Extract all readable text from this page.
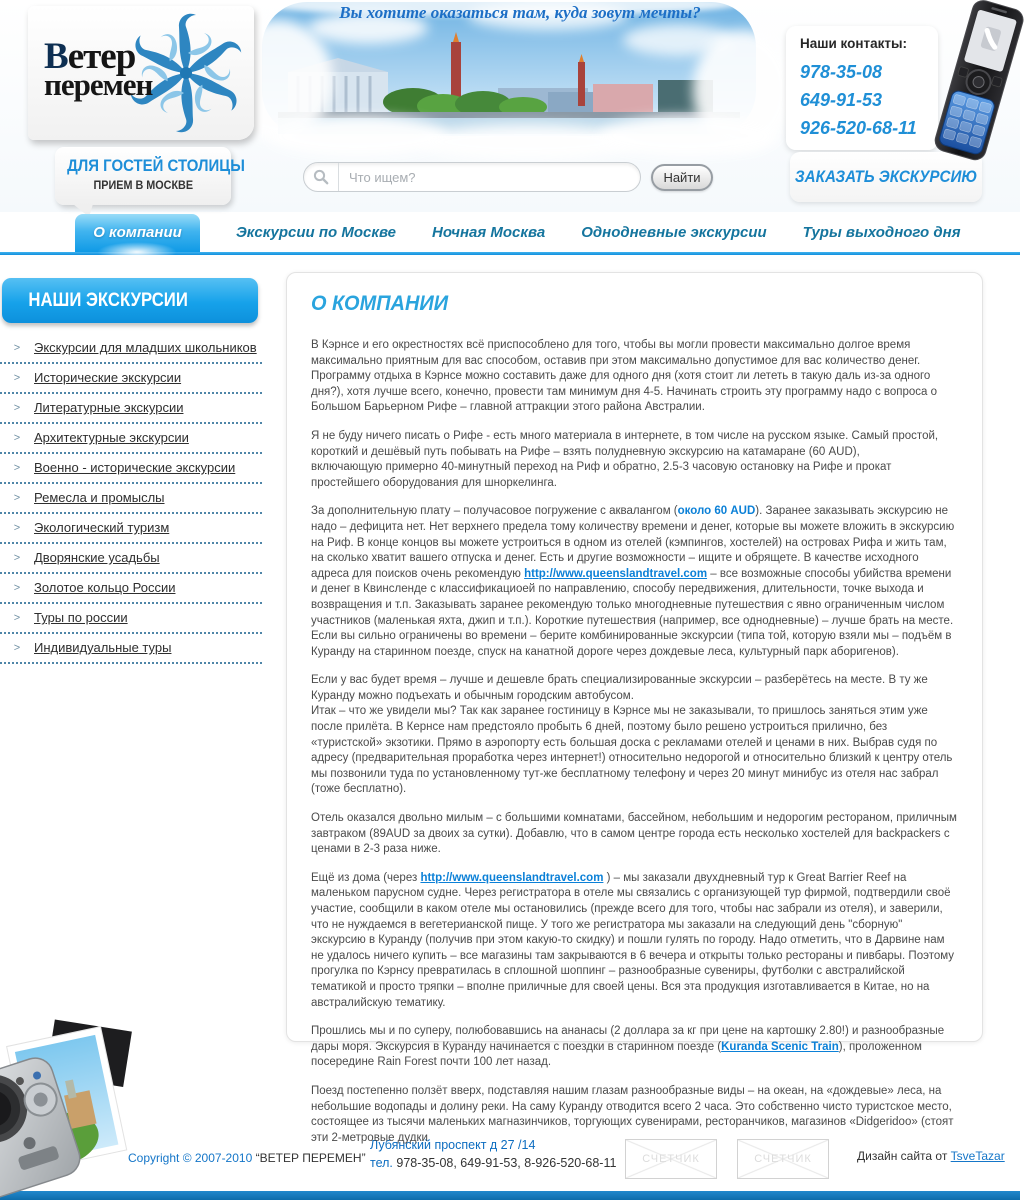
Вы хотите оказаться там, куда зовут мечты?
Ветер
перемен
Наши контакты:
978-35-08
649-91-53
926-520-68-11
ДЛЯ ГОСТЕЙ СТОЛИЦЫ
ПРИЕМ В МОСКВЕ
Что ищем?	Найти	ЗАКАЗАТЬ ЭКСКУРСИЮ
О компании	Экскурсии по Москве Ночная Москва Однодневные экскурсии Туры выходного дня
НАШИ ЭКСКУРСИИ
>	Экскурсии для младших школьников
>	Исторические экскурсии
>	Литературные экскурсии
>	Архитектурные экскурсии
>	Военно - исторические экскурсии
>	Ремесла и промыслы
>	Экологический туризм
>	Дворянские усадьбы
>	Золотое кольцо России
>	Туры по россии
>	Индивидуальные туры
О КОМПАНИИ

В Кэрнсе и его окрестностях всё приспособлено для того, чтобы вы могли провести максимально долгое время максимально приятным для вас способом, оставив при этом максимально допустимое для вас количество денег. Программу отдыха в Кэрнсе можно составить даже для одного дня (хотя стоит ли лететь в такую даль из-за одного дня?), хотя лучше всего, конечно, провести там минимум дня 4-5. Начинать строить эту программу надо с вопроса о Большом Барьерном Рифе – главной аттракции этого района Австралии.

Я не буду ничего писать о Рифе - есть много материала в интернете, в том числе на русском языке. Самый простой, короткий и дешёвый путь побывать на Рифе – взять полудневную экскурсию на катамаране (60 AUD),
включающую примерно 40-минутный переход на Риф и обратно, 2.5-3 часовую остановку на Рифе и прокат простейшего оборудования для шноркелинга.

За дополнительную плату – получасовое погружение с аквалангом (около 60 AUD). Заранее заказывать экскурсию не надо – дефицита нет. Нет верхнего предела тому количеству времени и денег, которые вы можете вложить в экскурсию на Риф. В конце концов вы можете устроиться в одном из отелей (кэмпингов, хостелей) на островах Рифа и жить там, на сколько хватит вашего отпуска и денег. Есть и другие возможности – ищите и обрящете. В качестве исходного адреса для поисков очень рекомендую http://www.queenslandtravel.com – все возможные способы убийства времени и денег в Квинсленде с классификациоей по направлению, способу передвижения, длительности, точке выхода и возвращения и т.п. Заказывать заранее рекомендую только многодневные путешествия с явно ограниченным числом участников (маленькая яхта, джип и т.п.). Короткие путешествия (например, все однодневные) – лучше брать на месте. Если вы сильно ограничены во времени – берите комбинированные экскурсии (типа той, которую взяли мы – подъём в Куранду на старинном поезде, спуск на канатной дороге через дождевые леса, культурный парк аборигенов).

Если у вас будет время – лучше и дешевле брать специализированные экскурсии – разберётесь на месте. В ту же Куранду можно подъехать и обычным городским автобусом.
Итак – что же увидели мы? Так как заранее гостиницу в Кэрнсе мы не заказывали, то пришлось заняться этим уже после прилёта. В Кернсе нам предстояло пробыть 6 дней, поэтому было решено устроиться прилично, без «туристской» экзотики. Прямо в аэропорту есть большая доска с рекламами отелей и ценами в них. Выбрав судя по адресу (предварительная проработка через интернет!) относительно недорогой и относительно близкий к центру отель мы позвонили туда по установленному тут-же бесплатному телефону и через 20 минут минибус из отеля нас забрал (тоже бесплатно).

Отель оказался двольно милым – с большими комнатами, бассейном, небольшим и недорогим рестораном, приличным завтраком (89AUD за двоих за сутки). Добавлю, что в самом центре города есть несколько хостелей для backpackers с ценами в 2-3 раза ниже.

Ещё из дома (через http://www.queenslandtravel.com ) – мы заказали двухдневный тур к Great Barrier Reef на маленьком парусном судне. Через регистратора в отеле мы связались с организующей тур фирмой, подтвердили своё участие, сообщили в каком отеле мы остановились (прежде всего для того, чтобы нас забрали из отеля), и заверили, что не нуждаемся в вегетерианской пище. У того же регистратора мы заказали на следующий день "сборную" экскурсию в Куранду (получив при этом какую-то скидку) и пошли гулять по городу. Надо отметить, что в Дарвине нам не удалось ничего купить – все магазины там закрываются в 6 вечера и открыты только рестораны и пивбары. Поэтому прогулка по Кэрнсу превратилась в сплошной шоппинг – разнообразные сувениры, футболки с австралийской тематикой и просто тряпки – вполне приличные для своей цены. Вся эта продукция изготавливается в Китае, но на австралийскую тематику.

Прошлись мы и по суперу, полюбовавшись на ананасы (2 доллара за кг при цене на картошку 2.80!) и разнообразные дары моря. Экскурсия в Куранду начинается с поездки в старинном поезде (Kuranda Scenic Train), проложенном посередине Rain Forest почти 100 лет назад.

Поезд постепенно ползёт вверх, подставляя нашим глазам разнообразные виды – на океан, на «дождевые» леса, на небольшие водопады и долину реки. На саму Куранду отводится всего 2 часа. Это собственно чисто туристское место, состоящее из тысячи маленьких магназинчиков, торгующих сувенирами, ресторанчиков, магазинов «Didgeridoo» (стоят эти 2-метровые дудки

Copyright © 2007-2010 “ВЕТЕР ПЕРЕМЕН”
Лубянский проспект д 27 /14
тел. 978-35-08, 649-91-53, 8-926-520-68-11 СЧЕТЧИК	СЧЕТЧИК	Дизайн сайта от TsveTazar
